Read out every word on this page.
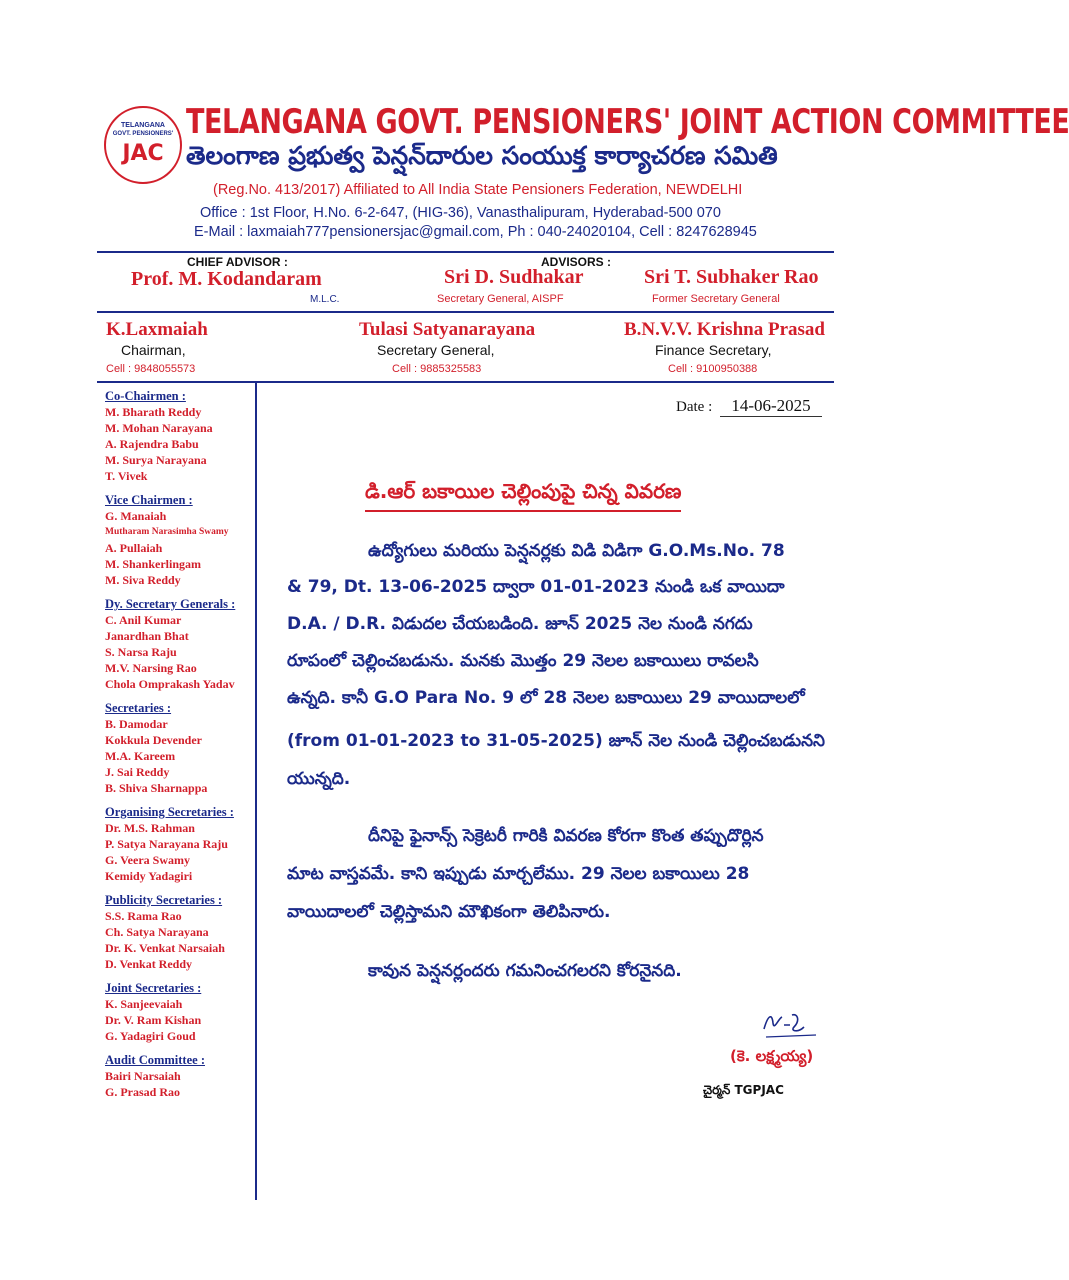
TELANGANA
GOVT. PENSIONERS'
JAC
TELANGANA GOVT. PENSIONERS' JOINT ACTION COMMITTEE
తెలంగాణ ప్రభుత్వ పెన్షన్‌దారుల సంయుక్త కార్యాచరణ సమితి
(Reg.No. 413/2017) Affiliated to All India State Pensioners Federation, NEWDELHI
Office : 1st Floor, H.No. 6-2-647, (HIG-36), Vanasthalipuram, Hyderabad-500 070
E-Mail : laxmaiah777pensionersjac@gmail.com, Ph : 040-24020104, Cell : 8247628945
CHIEF ADVISOR :
Prof. M. Kodandaram
M.L.C.
ADVISORS :
Sri D. Sudhakar
Secretary General, AISPF
Sri T. Subhaker Rao
Former Secretary General
K.Laxmaiah
Chairman,
Cell : 9848055573
Tulasi Satyanarayana
Secretary General,
Cell : 9885325583
B.N.V.V. Krishna Prasad
Finance Secretary,
Cell : 9100950388
Co-Chairmen :
M. Bharath Reddy
M. Mohan Narayana
A. Rajendra Babu
M. Surya Narayana
T. Vivek
Vice Chairmen :
G. Manaiah
Mutharam Narasimha Swamy
A. Pullaiah
M. Shankerlingam
M. Siva Reddy
Dy. Secretary Generals :
C. Anil Kumar
Janardhan Bhat
S. Narsa Raju
M.V. Narsing Rao
Chola Omprakash Yadav
Secretaries :
B. Damodar
Kokkula Devender
M.A. Kareem
J. Sai Reddy
B. Shiva Sharnappa
Organising Secretaries :
Dr. M.S. Rahman
P. Satya Narayana Raju
G. Veera Swamy
Kemidy Yadagiri
Publicity Secretaries :
S.S. Rama Rao
Ch. Satya Narayana
Dr. K. Venkat Narsaiah
D. Venkat Reddy
Joint Secretaries :
K. Sanjeevaiah
Dr. V. Ram Kishan
G. Yadagiri Goud
Audit Committee :
Bairi Narsaiah
G. Prasad Rao
Date :	14-06-2025
డి.ఆర్ బకాయిల చెల్లింపుపై చిన్న వివరణ
ఉద్యోగులు మరియు పెన్షనర్లకు విడి విడిగా G.O.Ms.No. 78
& 79, Dt. 13-06-2025 ద్వారా 01-01-2023 నుండి ఒక వాయిదా
D.A. / D.R. విడుదల చేయబడింది. జూన్ 2025 నెల నుండి నగదు
రూపంలో చెల్లించబడును. మనకు మొత్తం 29 నెలల బకాయిలు రావలసి
ఉన్నది. కానీ G.O Para No. 9 లో 28 నెలల బకాయిలు 29 వాయిదాలలో
(from 01-01-2023 to 31-05-2025) జూన్ నెల నుండి చెల్లించబడునని
యున్నది.
దీనిపై ఫైనాన్స్ సెక్రెటరీ గారికి వివరణ కోరగా కొంత తప్పుదొర్లిన
మాట వాస్తవమే. కాని ఇప్పుడు మార్చలేము. 29 నెలల బకాయిలు 28
వాయిదాలలో చెల్లిస్తామని మౌఖికంగా తెలిపినారు.
కావున పెన్షనర్లందరు గమనించగలరని కోరనైనది.
(కె. లక్ష్మయ్య)
చైర్మన్ TGPJAC
